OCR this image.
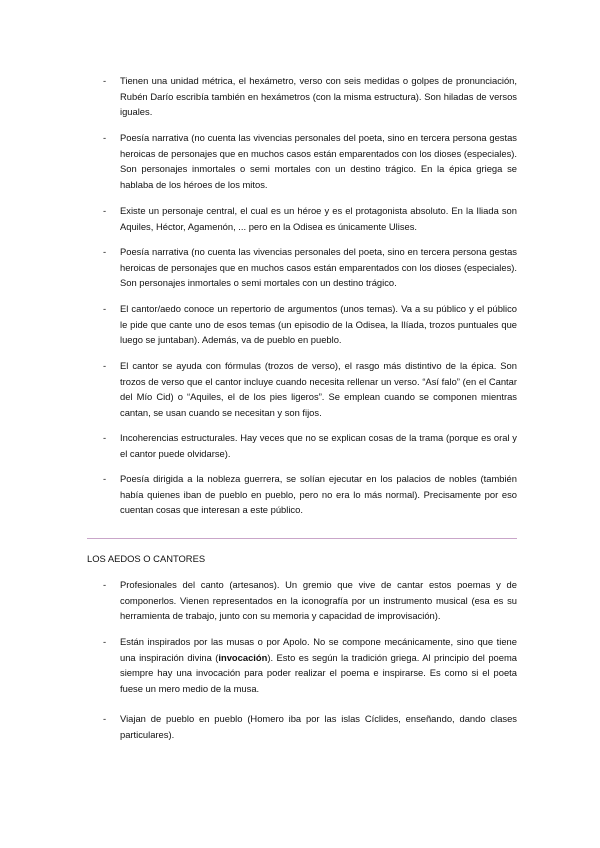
- Tienen una unidad métrica, el hexámetro, verso con seis medidas o golpes de pronunciación, Rubén Darío escribía también en hexámetros (con la misma estructura). Son hiladas de versos iguales.
- Poesía narrativa (no cuenta las vivencias personales del poeta, sino en tercera persona gestas heroicas de personajes que en muchos casos están emparentados con los dioses (especiales). Son personajes inmortales o semi mortales con un destino trágico. En la épica griega se hablaba de los héroes de los mitos.
- Existe un personaje central, el cual es un héroe y es el protagonista absoluto. En la Iliada son Aquiles, Héctor, Agamenón, ... pero en la Odisea es únicamente Ulises.
- Poesía narrativa (no cuenta las vivencias personales del poeta, sino en tercera persona gestas heroicas de personajes que en muchos casos están emparentados con los dioses (especiales). Son personajes inmortales o semi mortales con un destino trágico.
- El cantor/aedo conoce un repertorio de argumentos (unos temas). Va a su público y el público le pide que cante uno de esos temas (un episodio de la Odisea, la Ilíada, trozos puntuales que luego se juntaban). Además, va de pueblo en pueblo.
- El cantor se ayuda con fórmulas (trozos de verso), el rasgo más distintivo de la épica. Son trozos de verso que el cantor incluye cuando necesita rellenar un verso. “Así falo” (en el Cantar del Mío Cid) o “Aquiles, el de los pies ligeros”. Se emplean cuando se componen mientras cantan, se usan cuando se necesitan y son fijos.
- Incoherencias estructurales. Hay veces que no se explican cosas de la trama (porque es oral y el cantor puede olvidarse).
- Poesía dirigida a la nobleza guerrera, se solían ejecutar en los palacios de nobles (también había quienes iban de pueblo en pueblo, pero no era lo más normal). Precisamente por eso cuentan cosas que interesan a este público.
LOS AEDOS O CANTORES
- Profesionales del canto (artesanos). Un gremio que vive de cantar estos poemas y de componerlos. Vienen representados en la iconografía por un instrumento musical (esa es su herramienta de trabajo, junto con su memoria y capacidad de improvisación).
- Están inspirados por las musas o por Apolo. No se compone mecánicamente, sino que tiene una inspiración divina (invocación). Esto es según la tradición griega. Al principio del poema siempre hay una invocación para poder realizar el poema e inspirarse. Es como si el poeta fuese un mero medio de la musa.
- Viajan de pueblo en pueblo (Homero iba por las islas Cíclides, enseñando, dando clases particulares).
